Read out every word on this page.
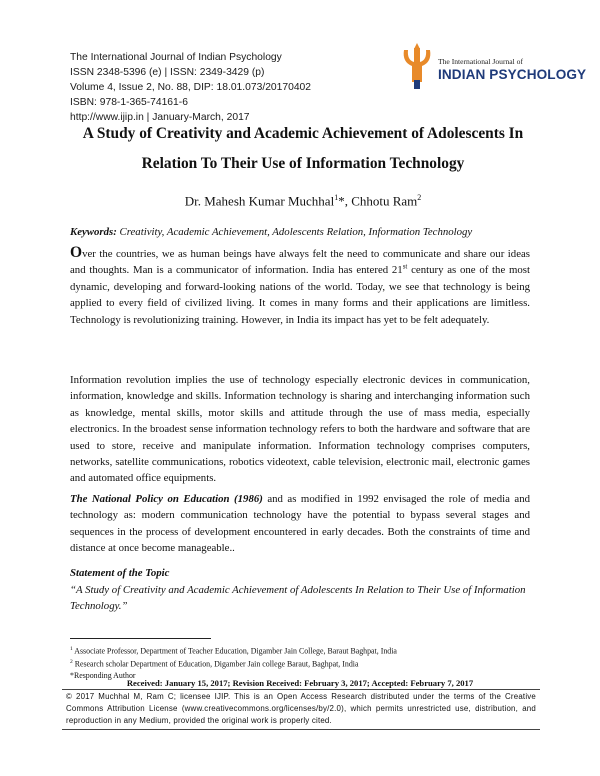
The International Journal of Indian Psychology
ISSN 2348-5396 (e) | ISSN: 2349-3429 (p)
Volume 4, Issue 2, No. 88, DIP: 18.01.073/20170402
ISBN: 978-1-365-74161-6
http://www.ijip.in | January-March, 2017
The International Journal of
INDIAN PSYCHOLOGY
A Study of Creativity and Academic Achievement of Adolescents In
Relation To Their Use of Information Technology
Dr. Mahesh Kumar Muchhal$^1$*, Chhotu Ram$^2$
Keywords: Creativity, Academic Achievement, Adolescents Relation, Information Technology

Over the countries, we as human beings have always felt the need to communicate and share our ideas and thoughts. Man is a communicator of information. India has entered 21st century as one of the most dynamic, developing and forward-looking nations of the world. Today, we see that technology is being applied to every field of civilized living. It comes in many forms and their applications are limitless. Technology is revolutionizing training. However, in India its impact has yet to be felt adequately.

Information revolution implies the use of technology especially electronic devices in communication, information, knowledge and skills. Information technology is sharing and interchanging information such as knowledge, mental skills, motor skills and attitude through the use of mass media, especially electronics. In the broadest sense information technology refers to both the hardware and software that are used to store, receive and manipulate information. Information technology comprises computers, networks, satellite communications, robotics videotext, cable television, electronic mail, electronic games and automated office equipments.

The National Policy on Education (1986) and as modified in 1992 envisaged the role of media and technology as: modern communication technology have the potential to bypass several stages and sequences in the process of development encountered in early decades. Both the constraints of time and distance at once become manageable..

Statement of the Topic

“A Study of Creativity and Academic Achievement of Adolescents In Relation to Their Use of Information Technology.”

$^1$ Associate Professor, Department of Teacher Education, Digamber Jain College, Baraut Baghpat, India
$^2$ Research scholar Department of Education, Digamber Jain college Baraut, Baghpat, India
*Responding Author
Received: January 15, 2017; Revision Received: February 3, 2017; Accepted: February 7, 2017

© 2017 Muchhal M, Ram C; licensee IJIP. This is an Open Access Research distributed under the terms of the Creative Commons Attribution License (www.creativecommons.org/licenses/by/2.0), which permits unrestricted use, distribution, and reproduction in any Medium, provided the original work is properly cited.
